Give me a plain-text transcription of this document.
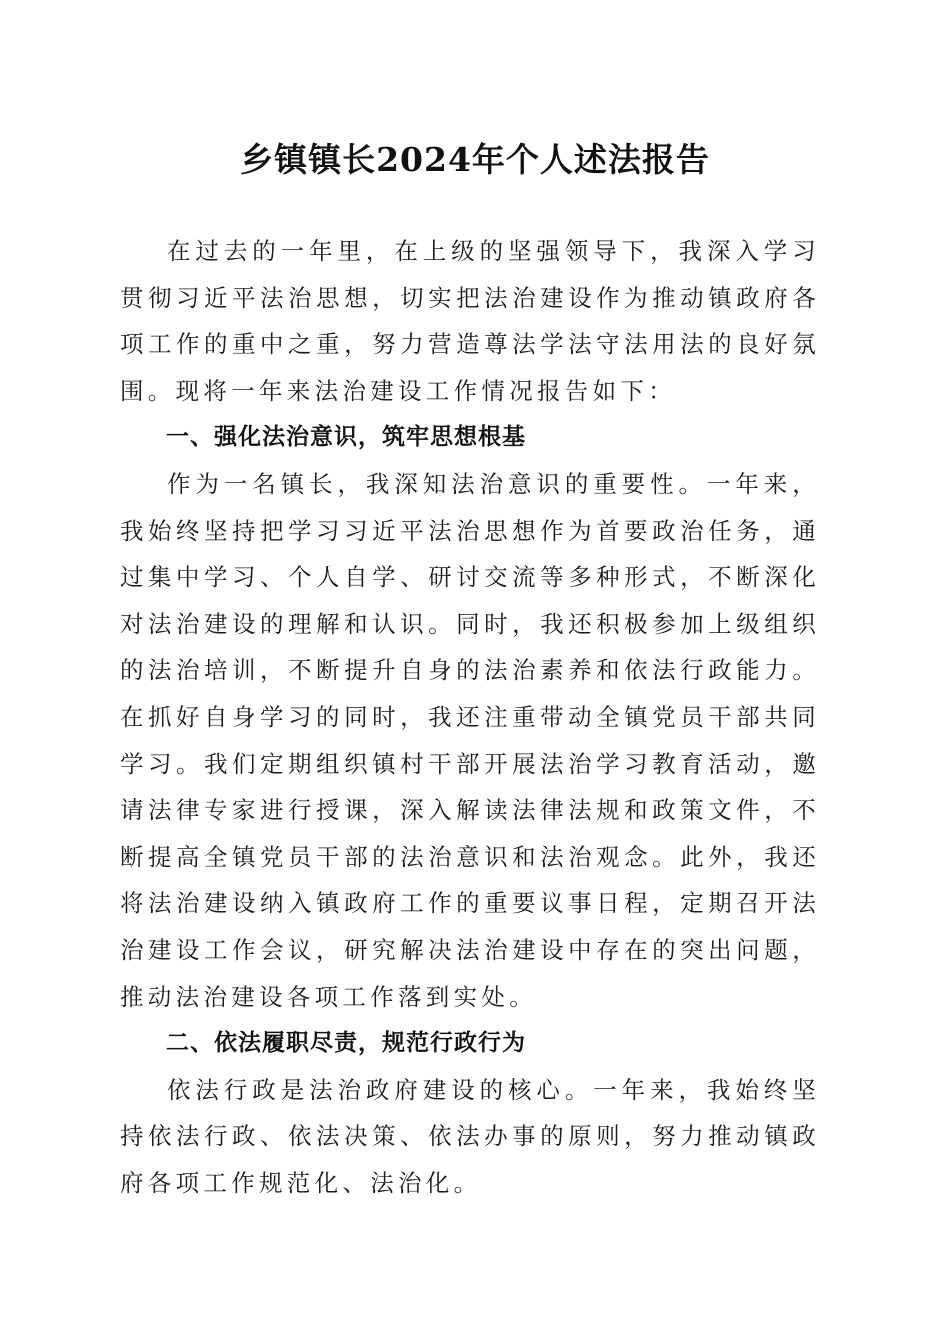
乡镇镇长2024年个人述法报告

在过去的一年里，在上级的坚强领导下，我深入学习贯彻习近平法治思想，切实把法治建设作为推动镇政府各项工作的重中之重，努力营造尊法学法守法用法的良好氛围。现将一年来法治建设工作情况报告如下：

一、强化法治意识，筑牢思想根基

作为一名镇长，我深知法治意识的重要性。一年来，我始终坚持把学习习近平法治思想作为首要政治任务，通过集中学习、个人自学、研讨交流等多种形式，不断深化对法治建设的理解和认识。同时，我还积极参加上级组织的法治培训，不断提升自身的法治素养和依法行政能力。在抓好自身学习的同时，我还注重带动全镇党员干部共同学习。我们定期组织镇村干部开展法治学习教育活动，邀请法律专家进行授课，深入解读法律法规和政策文件，不断提高全镇党员干部的法治意识和法治观念。此外，我还将法治建设纳入镇政府工作的重要议事日程，定期召开法治建设工作会议，研究解决法治建设中存在的突出问题，推动法治建设各项工作落到实处。

二、依法履职尽责，规范行政行为

依法行政是法治政府建设的核心。一年来，我始终坚持依法行政、依法决策、依法办事的原则，努力推动镇政府各项工作规范化、法治化。
